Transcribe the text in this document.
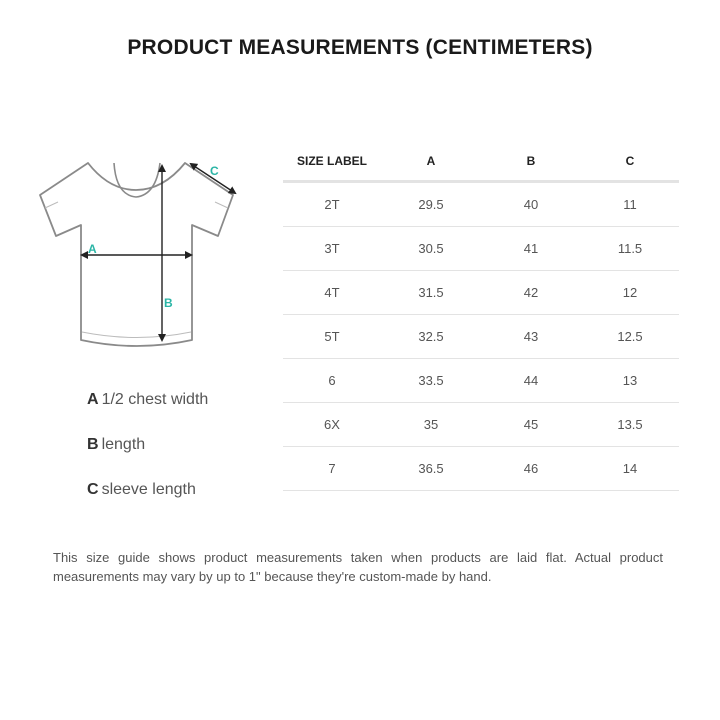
PRODUCT MEASUREMENTS (CENTIMETERS)
A
B
C
A 1/2 chest width
B length
C sleeve length
SIZE LABEL	A	B	C
2T	29.5	40	11
3T	30.5	41	11.5
4T	31.5	42	12
5T	32.5	43	12.5
6	33.5	44	13
6X	35	45	13.5
7	36.5	46	14
This size guide shows product measurements taken when products are laid flat. Actual product measurements may vary by up to 1" because they're custom-made by hand.
